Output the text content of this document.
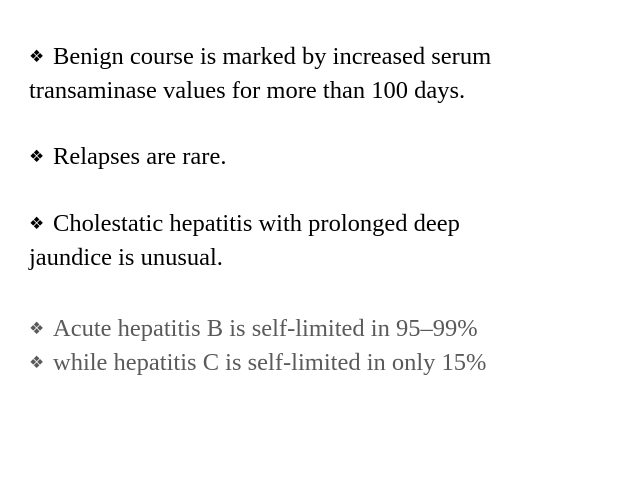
❖ Benign course is marked by increased serum
transaminase values for more than 100 days.
❖ Relapses are rare.
❖ Cholestatic hepatitis with prolonged deep
jaundice is unusual.
❖ Acute hepatitis B is self-limited in 95–99%
❖ while hepatitis C is self-limited in only 15%
